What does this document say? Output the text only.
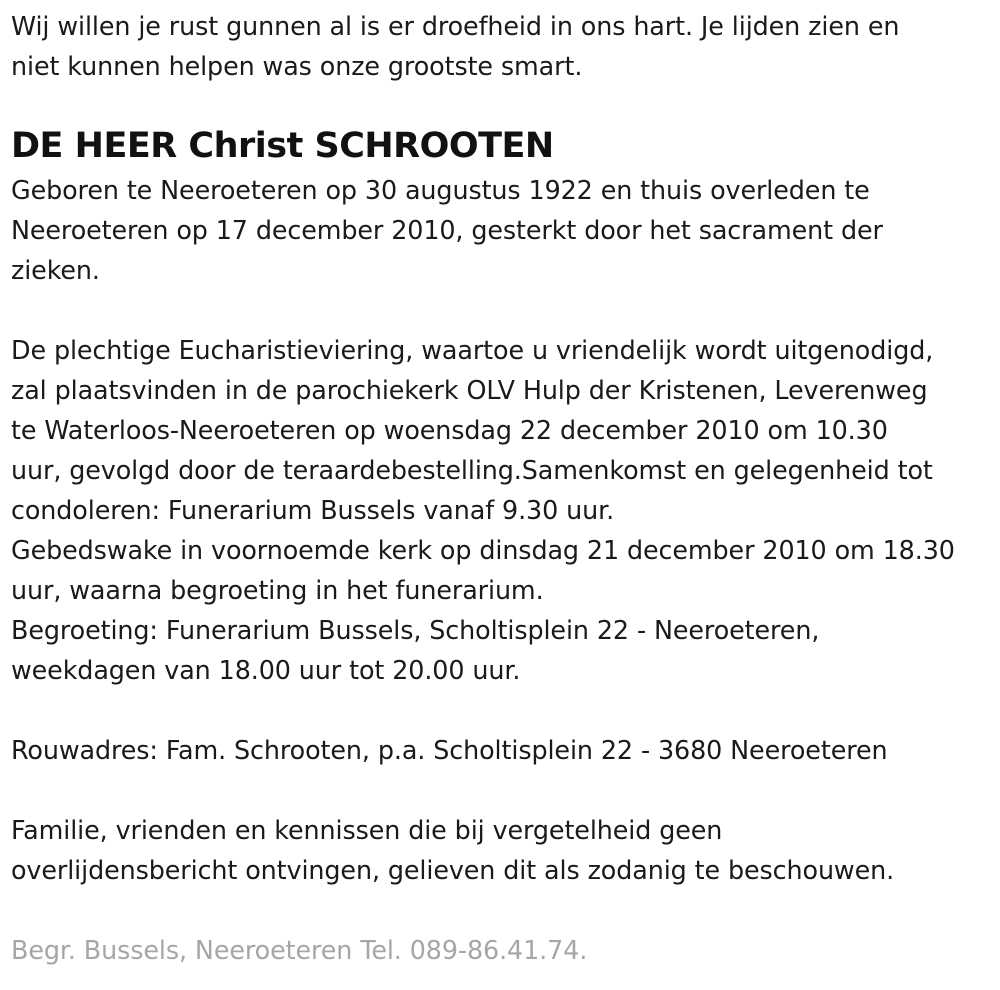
Wij willen je rust gunnen al is er droefheid in ons hart. Je lijden zien en
niet kunnen helpen was onze grootste smart.
DE HEER Christ SCHROOTEN
Geboren te Neeroeteren op 30 augustus 1922 en thuis overleden te
Neeroeteren op 17 december 2010, gesterkt door het sacrament der
zieken.
De plechtige Eucharistieviering, waartoe u vriendelijk wordt uitgenodigd,
zal plaatsvinden in de parochiekerk OLV Hulp der Kristenen, Leverenweg
te Waterloos-Neeroeteren op woensdag 22 december 2010 om 10.30
uur, gevolgd door de teraardebestelling.Samenkomst en gelegenheid tot
condoleren: Funerarium Bussels vanaf 9.30 uur.
Gebedswake in voornoemde kerk op dinsdag 21 december 2010 om 18.30
uur, waarna begroeting in het funerarium.
Begroeting: Funerarium Bussels, Scholtisplein 22 - Neeroeteren,
weekdagen van 18.00 uur tot 20.00 uur.
Rouwadres: Fam. Schrooten, p.a. Scholtisplein 22 - 3680 Neeroeteren
Familie, vrienden en kennissen die bij vergetelheid geen
overlijdensbericht ontvingen, gelieven dit als zodanig te beschouwen.
Begr. Bussels, Neeroeteren Tel. 089-86.41.74.
